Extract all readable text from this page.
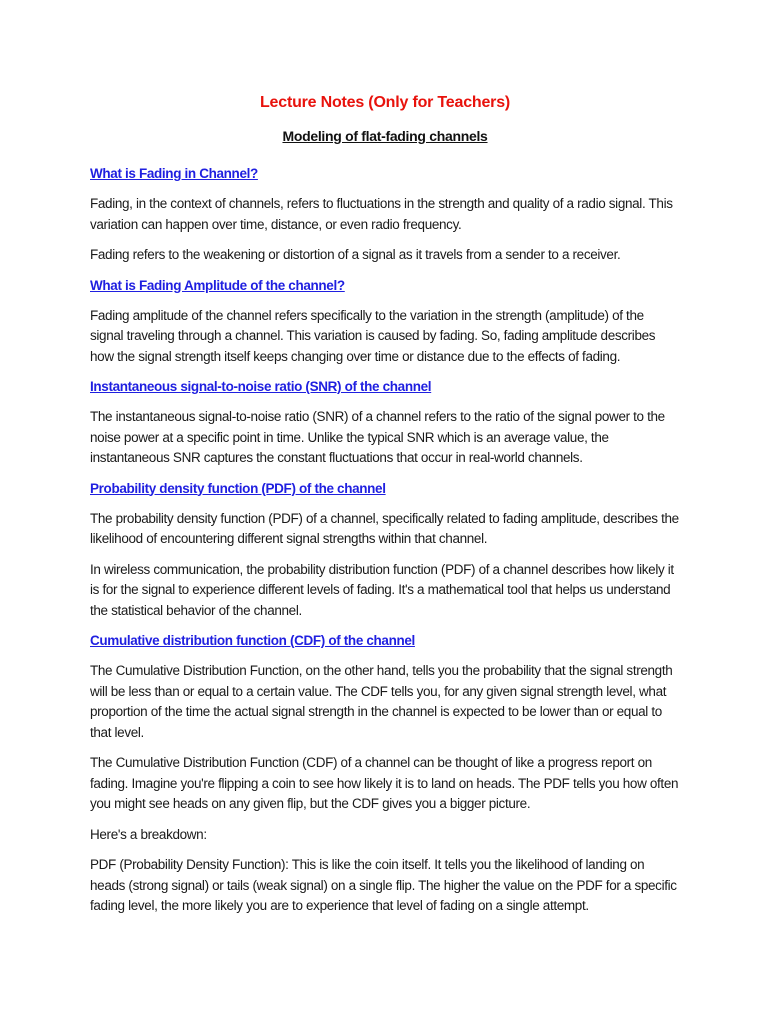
Lecture Notes (Only for Teachers)
Modeling of flat-fading channels
What is Fading in Channel?

Fading, in the context of channels, refers to fluctuations in the strength and quality of a radio signal. This variation can happen over time, distance, or even radio frequency.

Fading refers to the weakening or distortion of a signal as it travels from a sender to a receiver.

What is Fading Amplitude of the channel?

Fading amplitude of the channel refers specifically to the variation in the strength (amplitude) of the signal traveling through a channel. This variation is caused by fading. So, fading amplitude describes how the signal strength itself keeps changing over time or distance due to the effects of fading.

Instantaneous signal-to-noise ratio (SNR) of the channel

The instantaneous signal-to-noise ratio (SNR) of a channel refers to the ratio of the signal power to the noise power at a specific point in time. Unlike the typical SNR which is an average value, the instantaneous SNR captures the constant fluctuations that occur in real-world channels.

Probability density function (PDF) of the channel

The probability density function (PDF) of a channel, specifically related to fading amplitude, describes the likelihood of encountering different signal strengths within that channel.

In wireless communication, the probability distribution function (PDF) of a channel describes how likely it is for the signal to experience different levels of fading. It's a mathematical tool that helps us understand the statistical behavior of the channel.

Cumulative distribution function (CDF) of the channel

The Cumulative Distribution Function, on the other hand, tells you the probability that the signal strength will be less than or equal to a certain value. The CDF tells you, for any given signal strength level, what proportion of the time the actual signal strength in the channel is expected to be lower than or equal to that level.

The Cumulative Distribution Function (CDF) of a channel can be thought of like a progress report on fading. Imagine you're flipping a coin to see how likely it is to land on heads. The PDF tells you how often you might see heads on any given flip, but the CDF gives you a bigger picture.

Here's a breakdown:

PDF (Probability Density Function): This is like the coin itself. It tells you the likelihood of landing on heads (strong signal) or tails (weak signal) on a single flip. The higher the value on the PDF for a specific fading level, the more likely you are to experience that level of fading on a single attempt.
